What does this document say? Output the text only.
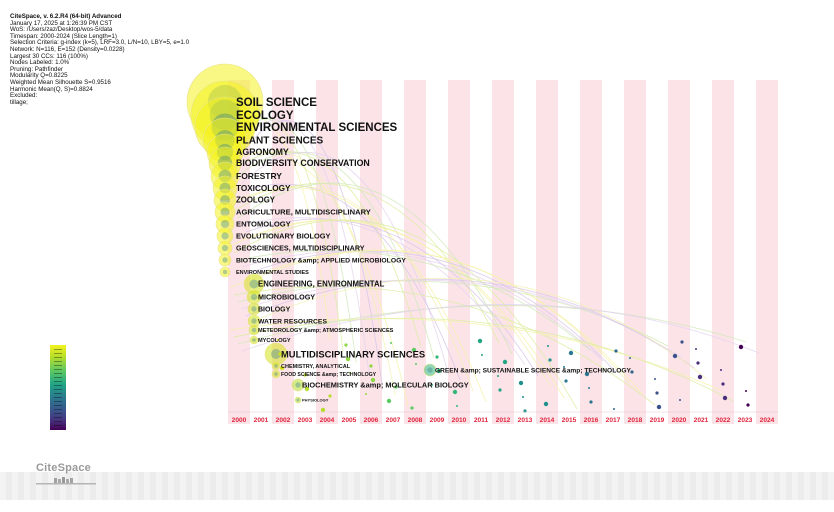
CiteSpace, v. 6.2.R4 (64-bit) Advanced
January 17, 2025 at 1:26:39 PM CST
WoS: /Users/zaz/Desktop/wos-5/data
Timespan: 2000-2024 (Slice Length=1)
Selection Criteria: g-index (k=5), LRF=3.0, L/N=10, LBY=5, e=1.0
Network: N=116, E=152 (Density=0.0228)
Largest 30 CCs: 116 (100%)
Nodes Labeled: 1.0%
Pruning: Pathfinder
Modularity Q=0.8225
Weighted Mean Silhouette S=0.9516
Harmonic Mean(Q, S)=0.8824
Excluded:
tillage;	SOIL SCIENCE
ECOLOGY
ENVIRONMENTAL SCIENCES
PLANT SCIENCES
AGRONOMY
BIODIVERSITY CONSERVATION
FORESTRY
TOXICOLOGY
ZOOLOGY
AGRICULTURE, MULTIDISCIPLINARY
ENTOMOLOGY
EVOLUTIONARY BIOLOGY
GEOSCIENCES, MULTIDISCIPLINARY
BIOTECHNOLOGY &amp; APPLIED MICROBIOLOGY
ENVIRONMENTAL STUDIES
ENGINEERING, ENVIRONMENTAL
MICROBIOLOGY
BIOLOGY
WATER RESOURCES
METEOROLOGY &amp; ATMOSPHERIC SCIENCES
MYCOLOGY
MULTIDISCIPLINARY SCIENCES
CHEMISTRY, ANALYTICAL
FOOD SCIENCE &amp; TECHNOLOGY
GREEN &amp; SUSTAINABLE SCIENCE &amp; TECHNOLOGY
BIOCHEMISTRY &amp; MOLECULAR BIOLOGY
PHYSIOLOGY
2000 2001 2002 2003 2004 2005 2006 2007 2008 2009 2010 2011 2012 2013 2014 2015 2016 2017 2018 2019 2020 2021 2022 2023 2024
CiteSpace
